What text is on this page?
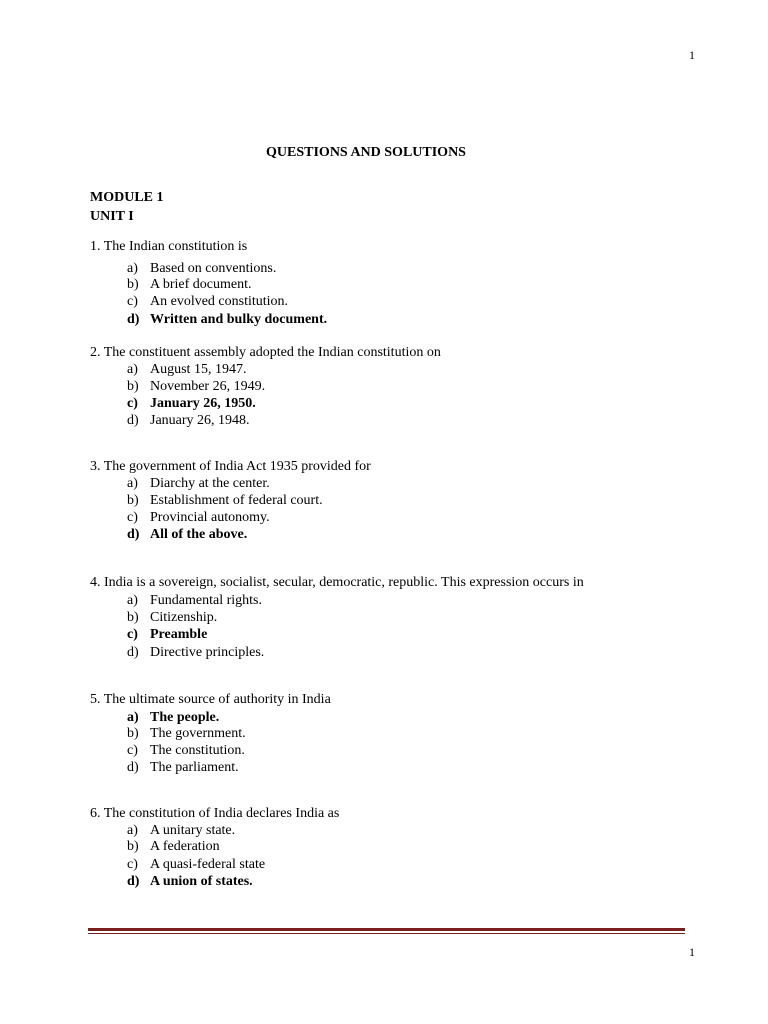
1
QUESTIONS AND SOLUTIONS
MODULE 1
UNIT I
1. The Indian constitution is
a) Based on conventions.
b) A brief document.
c) An evolved constitution.
d) Written and bulky document.
2. The constituent assembly adopted the Indian constitution on
a) August 15, 1947.
b) November 26, 1949.
c) January 26, 1950.
d) January 26, 1948.
3. The government of India Act 1935 provided for
a) Diarchy at the center.
b) Establishment of federal court.
c) Provincial autonomy.
d) All of the above.
4. India is a sovereign, socialist, secular, democratic, republic. This expression occurs in
a) Fundamental rights.
b) Citizenship.
c) Preamble
d) Directive principles.
5. The ultimate source of authority in India
a) The people.
b) The government.
c) The constitution.
d) The parliament.
6. The constitution of India declares India as
a) A unitary state.
b) A federation
c) A quasi-federal state
d) A union of states.
1
